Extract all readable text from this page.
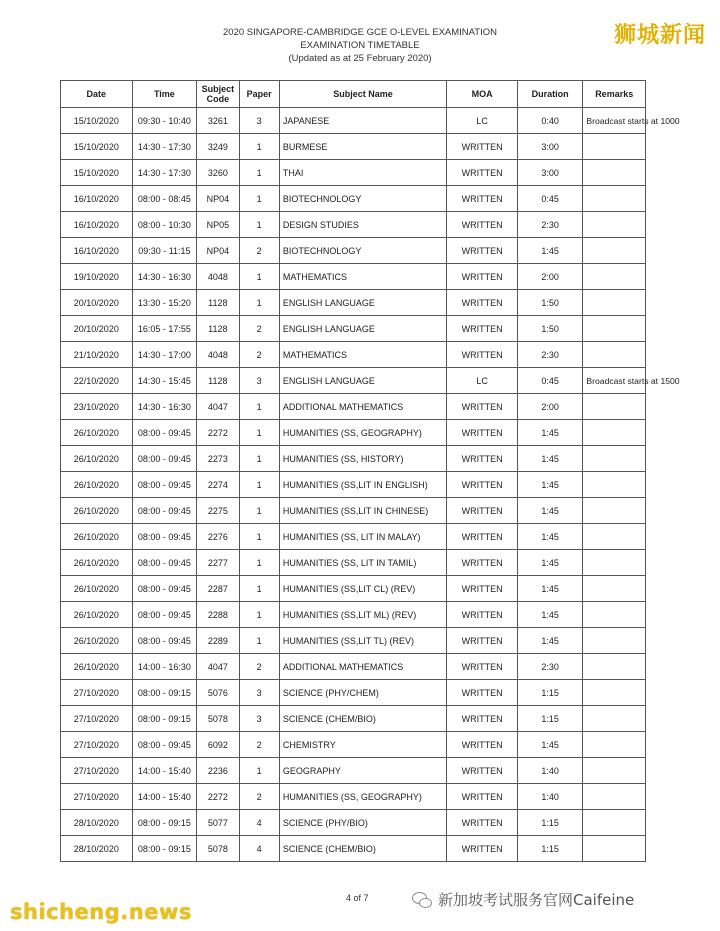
2020 SINGAPORE-CAMBRIDGE GCE O-LEVEL EXAMINATION
EXAMINATION TIMETABLE
(Updated as at 25 February 2020)
狮城新闻
Date	Time	Subject Code	Paper	Subject Name	MOA	Duration	Remarks
15/10/2020	09:30 - 10:40	3261	3	JAPANESE	LC	0:40	Broadcast starts at 1000
15/10/2020	14:30 - 17:30	3249	1	BURMESE	WRITTEN	3:00	
15/10/2020	14:30 - 17:30	3260	1	THAI	WRITTEN	3:00	
16/10/2020	08:00 - 08:45	NP04	1	BIOTECHNOLOGY	WRITTEN	0:45	
16/10/2020	08:00 - 10:30	NP05	1	DESIGN STUDIES	WRITTEN	2:30	
16/10/2020	09:30 - 11:15	NP04	2	BIOTECHNOLOGY	WRITTEN	1:45	
19/10/2020	14:30 - 16:30	4048	1	MATHEMATICS	WRITTEN	2:00	
20/10/2020	13:30 - 15:20	1128	1	ENGLISH LANGUAGE	WRITTEN	1:50	
20/10/2020	16:05 - 17:55	1128	2	ENGLISH LANGUAGE	WRITTEN	1:50	
21/10/2020	14:30 - 17:00	4048	2	MATHEMATICS	WRITTEN	2:30	
22/10/2020	14:30 - 15:45	1128	3	ENGLISH LANGUAGE	LC	0:45	Broadcast starts at 1500
23/10/2020	14:30 - 16:30	4047	1	ADDITIONAL MATHEMATICS	WRITTEN	2:00	
26/10/2020	08:00 - 09:45	2272	1	HUMANITIES (SS, GEOGRAPHY)	WRITTEN	1:45	
26/10/2020	08:00 - 09:45	2273	1	HUMANITIES (SS, HISTORY)	WRITTEN	1:45	
26/10/2020	08:00 - 09:45	2274	1	HUMANITIES (SS,LIT IN ENGLISH)	WRITTEN	1:45	
26/10/2020	08:00 - 09:45	2275	1	HUMANITIES (SS,LIT IN CHINESE)	WRITTEN	1:45	
26/10/2020	08:00 - 09:45	2276	1	HUMANITIES (SS, LIT IN MALAY)	WRITTEN	1:45	
26/10/2020	08:00 - 09:45	2277	1	HUMANITIES (SS, LIT IN TAMIL)	WRITTEN	1:45	
26/10/2020	08:00 - 09:45	2287	1	HUMANITIES (SS,LIT CL) (REV)	WRITTEN	1:45	
26/10/2020	08:00 - 09:45	2288	1	HUMANITIES (SS,LIT ML) (REV)	WRITTEN	1:45	
26/10/2020	08:00 - 09:45	2289	1	HUMANITIES (SS,LIT TL) (REV)	WRITTEN	1:45	
26/10/2020	14:00 - 16:30	4047	2	ADDITIONAL MATHEMATICS	WRITTEN	2:30	
27/10/2020	08:00 - 09:15	5076	3	SCIENCE (PHY/CHEM)	WRITTEN	1:15	
27/10/2020	08:00 - 09:15	5078	3	SCIENCE (CHEM/BIO)	WRITTEN	1:15	
27/10/2020	08:00 - 09:45	6092	2	CHEMISTRY	WRITTEN	1:45	
27/10/2020	14:00 - 15:40	2236	1	GEOGRAPHY	WRITTEN	1:40	
27/10/2020	14:00 - 15:40	2272	2	HUMANITIES (SS, GEOGRAPHY)	WRITTEN	1:40	
28/10/2020	08:00 - 09:15	5077	4	SCIENCE (PHY/BIO)	WRITTEN	1:15	
28/10/2020	08:00 - 09:15	5078	4	SCIENCE (CHEM/BIO)	WRITTEN	1:15	
4 of 7
shicheng.news	新加坡考试服务官网Caifeine
